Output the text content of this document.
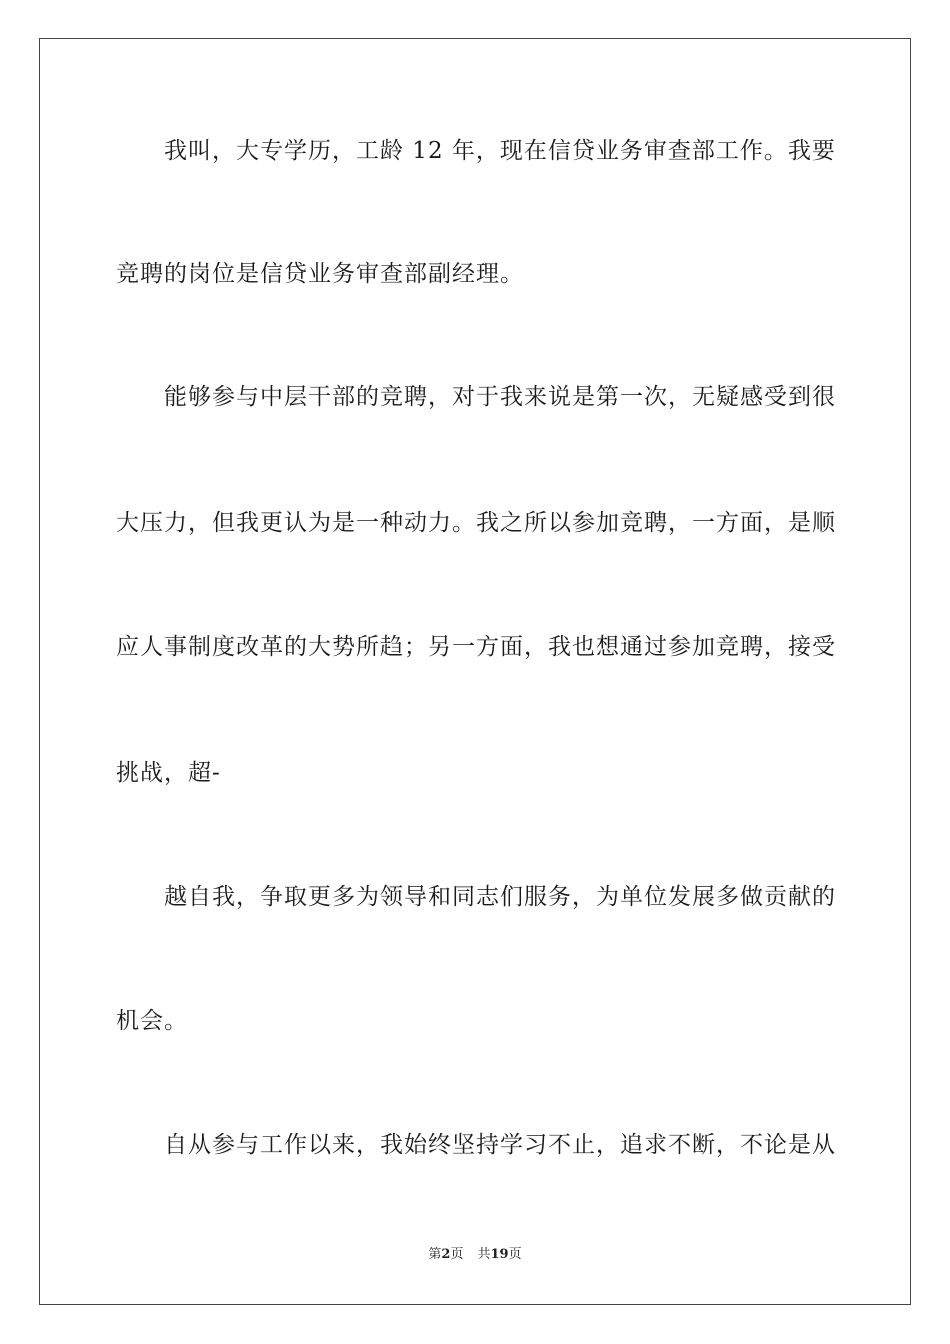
　　我叫，大专学历，工龄 12 年，现在信贷业务审查部工作。我要
竞聘的岗位是信贷业务审查部副经理。
　　能够参与中层干部的竞聘，对于我来说是第一次，无疑感受到很
大压力，但我更认为是一种动力。我之所以参加竞聘，一方面，是顺
应人事制度改革的大势所趋；另一方面，我也想通过参加竞聘，接受
挑战，超-
　　越自我，争取更多为领导和同志们服务，为单位发展多做贡献的
机会。
　　自从参与工作以来，我始终坚持学习不止，追求不断，不论是从
第2页 共19页
